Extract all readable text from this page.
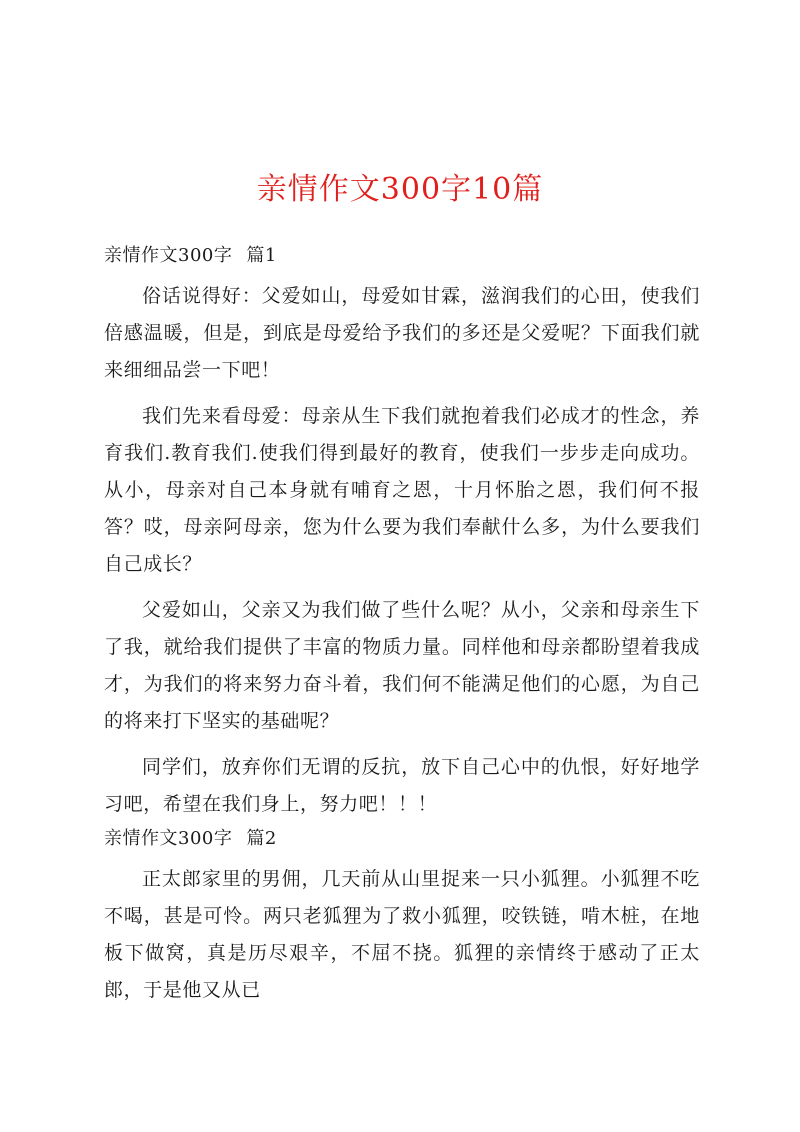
亲情作文300字10篇

亲情作文300字 篇1

俗话说得好：父爱如山，母爱如甘霖，滋润我们的心田，使我们倍感温暖，但是，到底是母爱给予我们的多还是父爱呢？下面我们就来细细品尝一下吧！

我们先来看母爱：母亲从生下我们就抱着我们必成才的性念，养育我们.教育我们.使我们得到最好的教育，使我们一步步走向成功。从小，母亲对自己本身就有哺育之恩，十月怀胎之恩，我们何不报答？哎，母亲阿母亲，您为什么要为我们奉献什么多，为什么要我们自己成长？

父爱如山，父亲又为我们做了些什么呢？从小，父亲和母亲生下了我，就给我们提供了丰富的物质力量。同样他和母亲都盼望着我成才，为我们的将来努力奋斗着，我们何不能满足他们的心愿，为自己的将来打下坚实的基础呢？

同学们，放弃你们无谓的反抗，放下自己心中的仇恨，好好地学习吧，希望在我们身上，努力吧！！！

亲情作文300字 篇2

正太郎家里的男佣，几天前从山里捉来一只小狐狸。小狐狸不吃不喝，甚是可怜。两只老狐狸为了救小狐狸，咬铁链，啃木桩，在地板下做窝，真是历尽艰辛，不屈不挠。狐狸的亲情终于感动了正太郎，于是他又从已
